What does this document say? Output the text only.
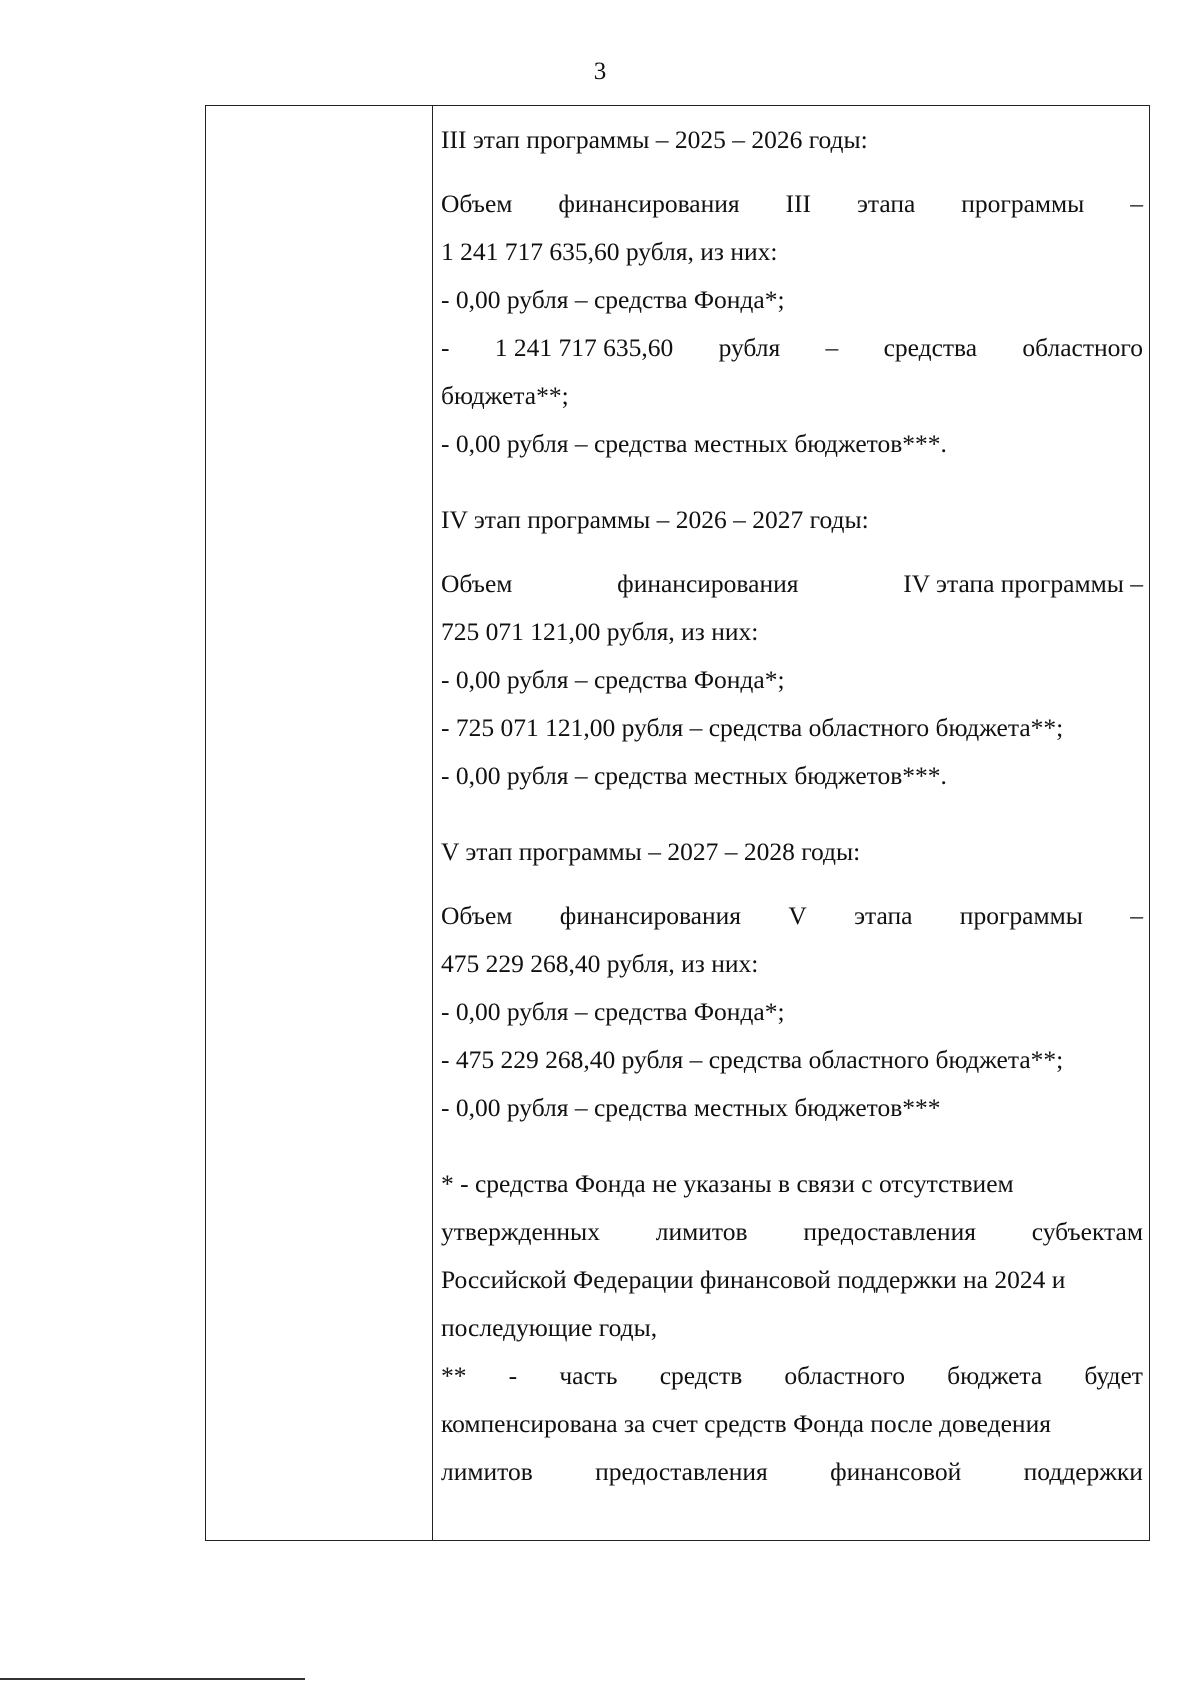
3
III этап программы – 2025 – 2026 годы:
Объем финансирования III этапа программы –
1 241 717 635,60 рубля, из них:
- 0,00 рубля – средства Фонда*;
- 1 241 717 635,60 рубля – средства областного
бюджета**;
- 0,00 рубля – средства местных бюджетов***.
IV этап программы – 2026 – 2027 годы:
Объем	финансирования	IV этапа программы –
725 071 121,00 рубля, из них:
- 0,00 рубля – средства Фонда*;
- 725 071 121,00 рубля – средства областного бюджета**;
- 0,00 рубля – средства местных бюджетов***.
V этап программы – 2027 – 2028 годы:
Объем финансирования V этапа программы –
475 229 268,40 рубля, из них:
- 0,00 рубля – средства Фонда*;
- 475 229 268,40 рубля – средства областного бюджета**;
- 0,00 рубля – средства местных бюджетов***
* - средства Фонда не указаны в связи с отсутствием
утвержденных лимитов предоставления субъектам
Российской Федерации финансовой поддержки на 2024 и
последующие годы,
** - часть средств областного бюджета будет
компенсирована за счет средств Фонда после доведения
лимитов предоставления финансовой поддержки
